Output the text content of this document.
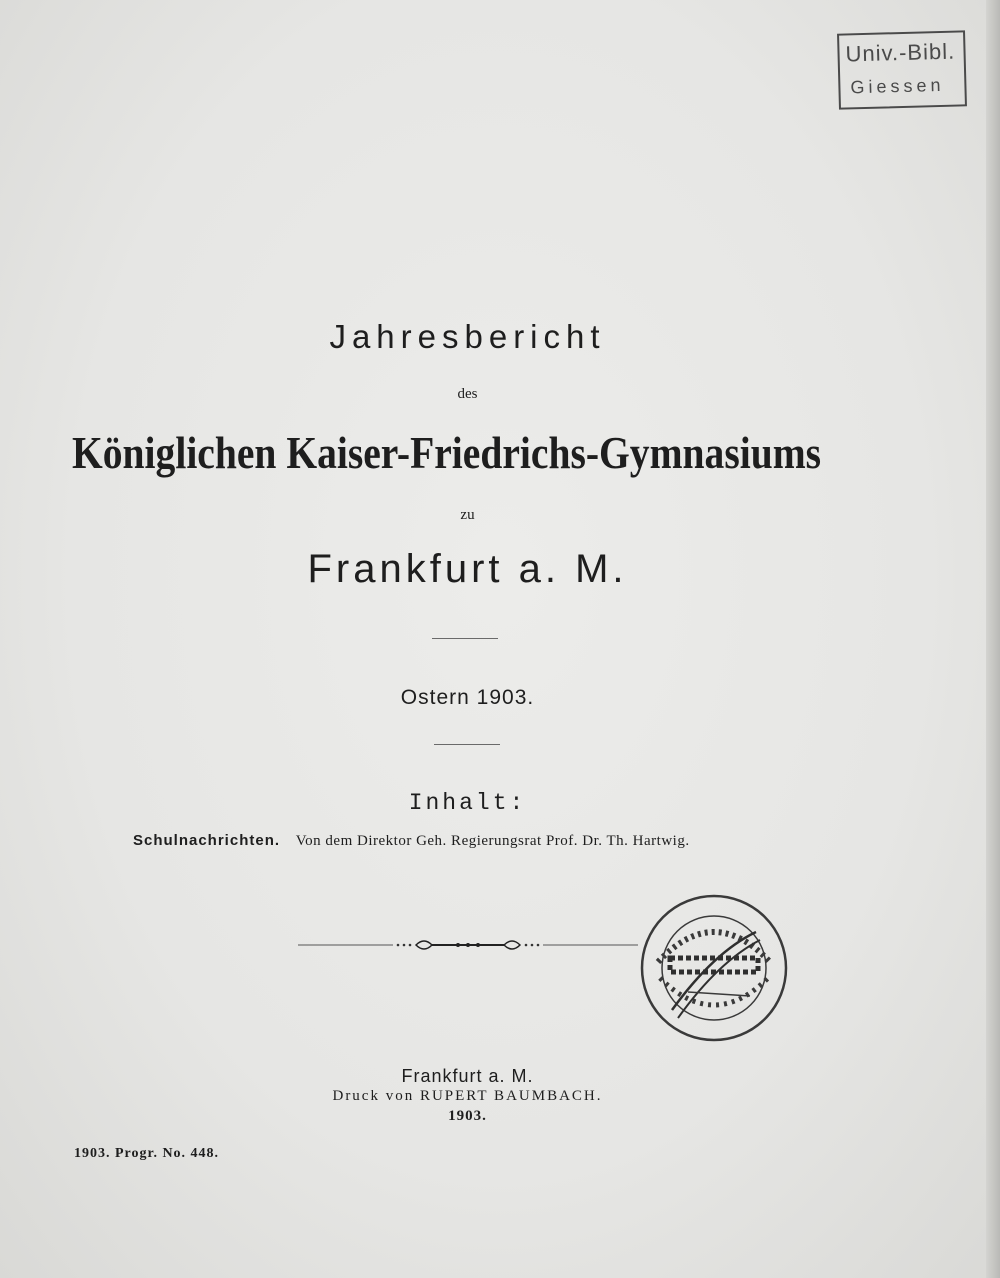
Univ.-Bibl.
Giessen
Jahresbericht
des
Königlichen Kaiser-Friedrichs-Gymnasiums
zu
Frankfurt a. M.
Ostern 1903.
Inhalt:
Schulnachrichten. Von dem Direktor Geh. Regierungsrat Prof. Dr. Th. Hartwig.
Frankfurt a. M.
Druck von RUPERT BAUMBACH.
1903.
1903. Progr. No. 448.
